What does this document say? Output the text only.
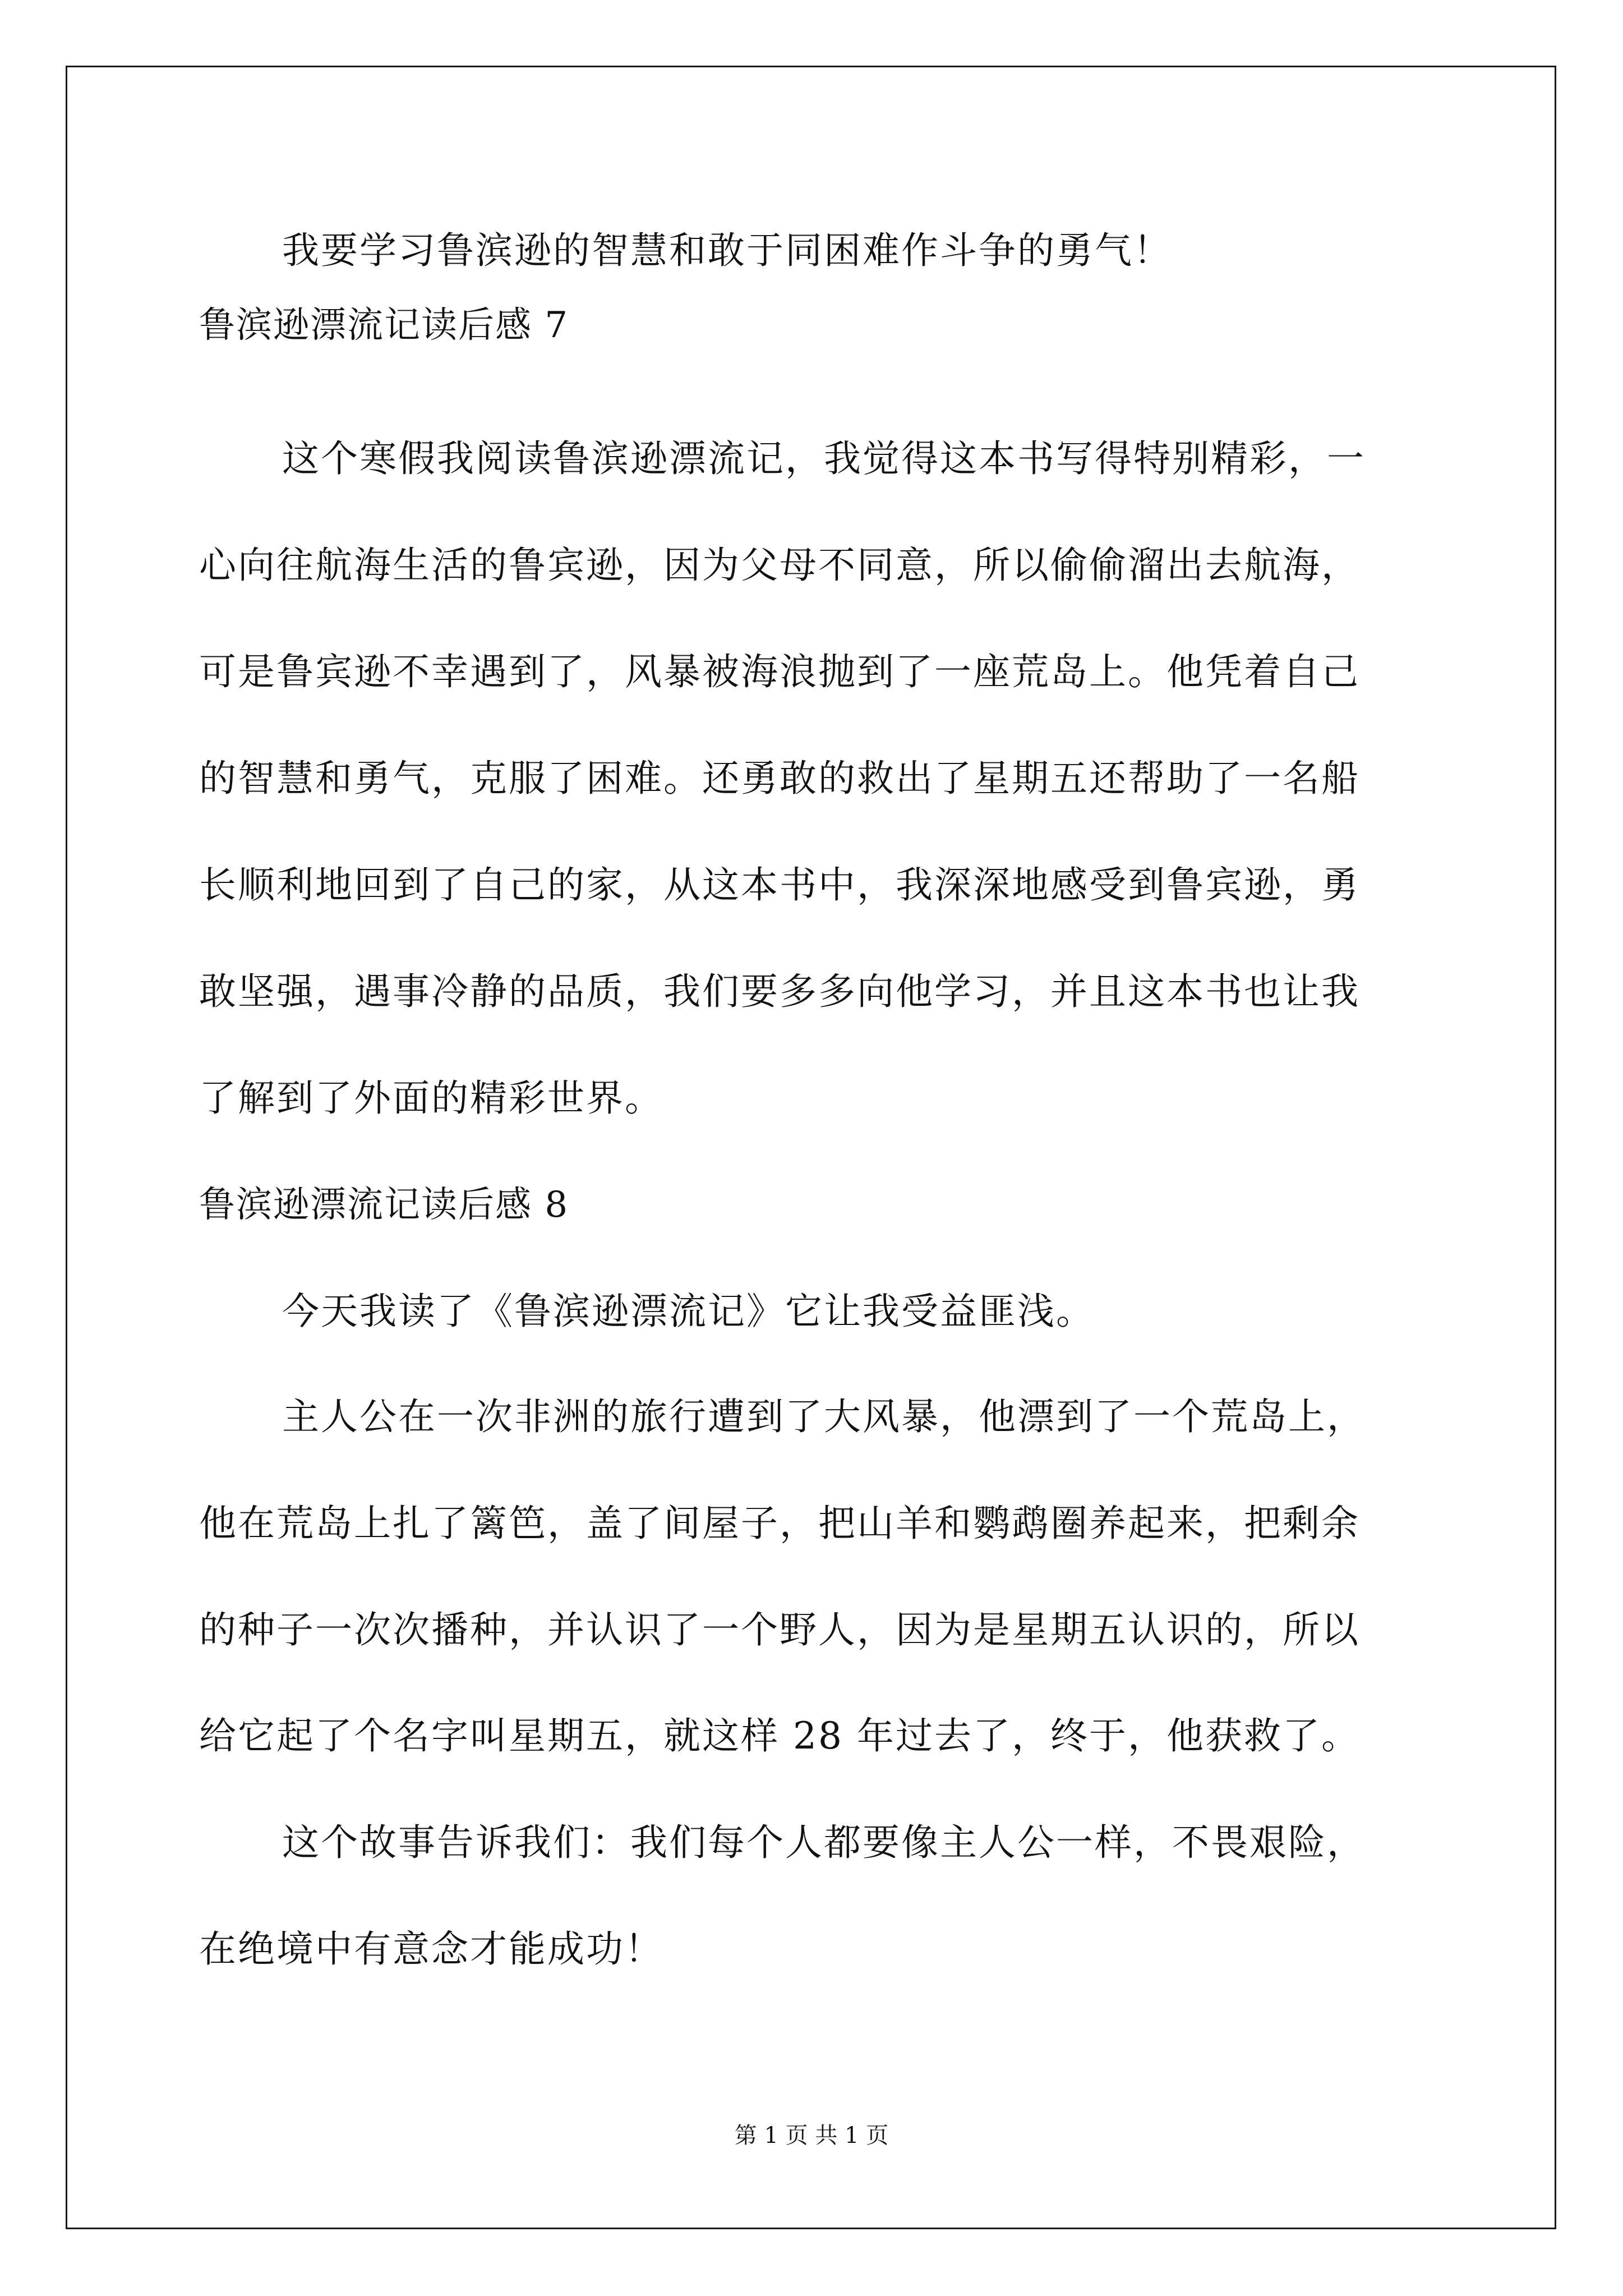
我要学习鲁滨逊的智慧和敢于同困难作斗争的勇气！
鲁滨逊漂流记读后感 7
这个寒假我阅读鲁滨逊漂流记，我觉得这本书写得特别精彩，一
心向往航海生活的鲁宾逊，因为父母不同意，所以偷偷溜出去航海，
可是鲁宾逊不幸遇到了，风暴被海浪抛到了一座荒岛上。他凭着自己
的智慧和勇气，克服了困难。还勇敢的救出了星期五还帮助了一名船
长顺利地回到了自己的家，从这本书中，我深深地感受到鲁宾逊，勇
敢坚强，遇事冷静的品质，我们要多多向他学习，并且这本书也让我
了解到了外面的精彩世界。
鲁滨逊漂流记读后感 8
今天我读了《鲁滨逊漂流记》它让我受益匪浅。
主人公在一次非洲的旅行遭到了大风暴，他漂到了一个荒岛上，
他在荒岛上扎了篱笆，盖了间屋子，把山羊和鹦鹉圈养起来，把剩余
的种子一次次播种，并认识了一个野人，因为是星期五认识的，所以
给它起了个名字叫星期五，就这样 28 年过去了，终于，他获救了。
这个故事告诉我们：我们每个人都要像主人公一样，不畏艰险，
在绝境中有意念才能成功！
第 1 页 共 1 页
